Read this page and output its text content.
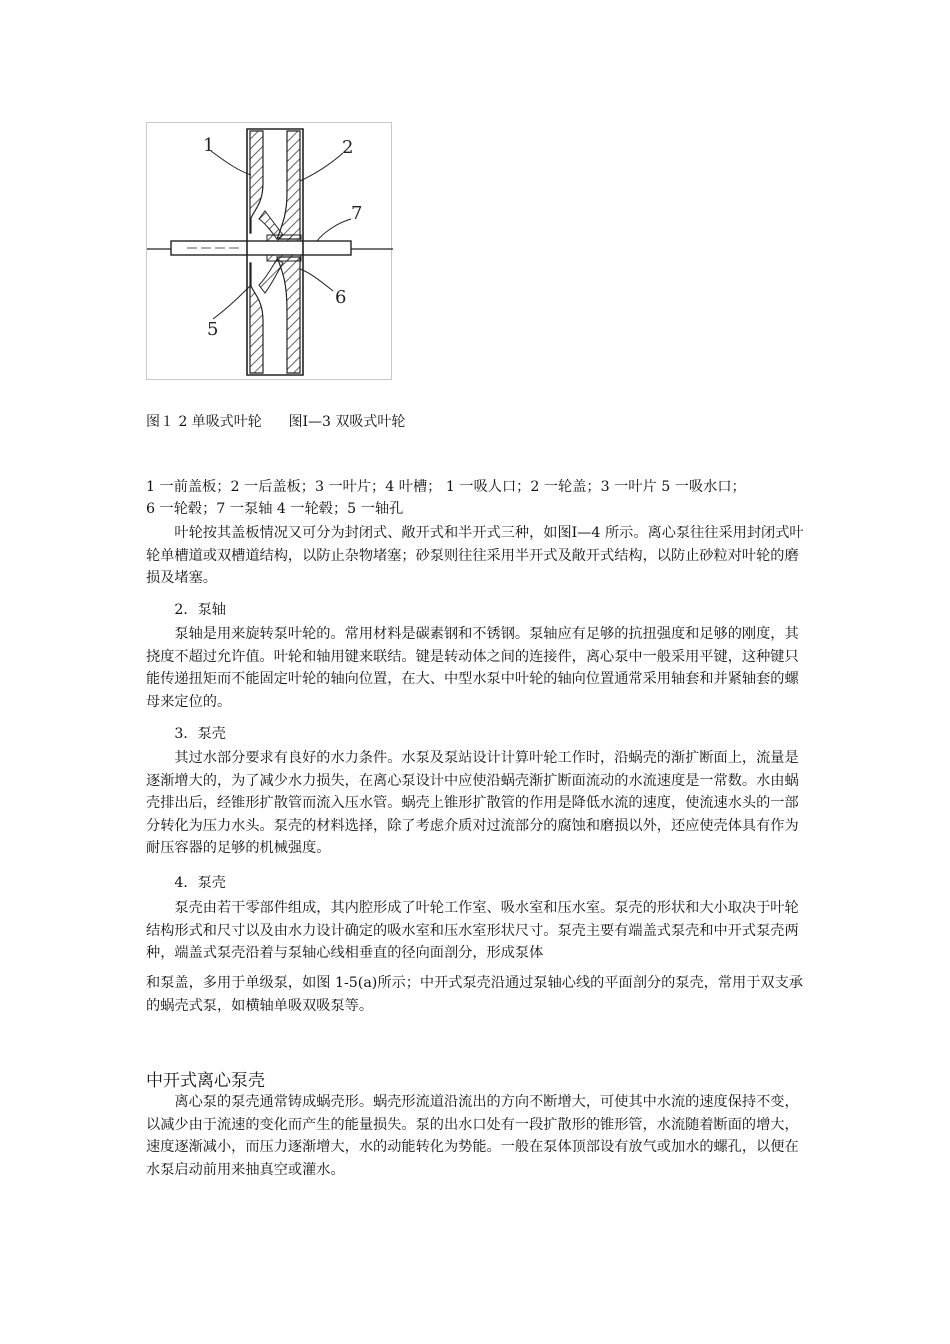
1	2
7
6
5
图１ 2 单吸式叶轮      图Ⅰ—3 双吸式叶轮
1 一前盖板；2 一后盖板；3 一叶片；4 叶槽； 1 一吸人口；2 一轮盖；3 一叶片 5 一吸水口；
6 一轮毂；7 一泵轴 4 一轮毂；5 一轴孔
叶轮按其盖板情况又可分为封闭式、敞开式和半开式三种，如图Ⅰ—4 所示。离心泵往往采用封闭式叶轮单槽道或双槽道结构，以防止杂物堵塞；砂泵则往往采用半开式及敞开式结构，以防止砂粒对叶轮的磨损及堵塞。
2．泵轴
泵轴是用来旋转泵叶轮的。常用材料是碳素钢和不锈钢。泵轴应有足够的抗扭强度和足够的刚度，其挠度不超过允许值。叶轮和轴用键来联结。键是转动体之间的连接件，离心泵中一般采用平键，这种键只能传递扭矩而不能固定叶轮的轴向位置，在大、中型水泵中叶轮的轴向位置通常采用轴套和并紧轴套的螺母来定位的。
3．泵壳
其过水部分要求有良好的水力条件。水泵及泵站设计计算叶轮工作时，沿蜗壳的渐扩断面上，流量是逐渐增大的，为了减少水力损失，在离心泵设计中应使沿蜗壳渐扩断面流动的水流速度是一常数。水由蜗壳排出后，经锥形扩散管而流入压水管。蜗壳上锥形扩散管的作用是降低水流的速度，使流速水头的一部分转化为压力水头。泵壳的材料选择，除了考虑介质对过流部分的腐蚀和磨损以外，还应使壳体具有作为耐压容器的足够的机械强度。
4．泵壳
泵壳由若干零部件组成，其内腔形成了叶轮工作室、吸水室和压水室。泵壳的形状和大小取决于叶轮结构形式和尺寸以及由水力设计确定的吸水室和压水室形状尺寸。泵壳主要有端盖式泵壳和中开式泵壳两种，端盖式泵壳沿着与泵轴心线相垂直的径向面剖分，形成泵体
和泵盖，多用于单级泵，如图 1-5(a)所示；中开式泵壳沿通过泵轴心线的平面剖分的泵壳，常用于双支承的蜗壳式泵，如横轴单吸双吸泵等。
中开式离心泵壳
离心泵的泵壳通常铸成蜗壳形。蜗壳形流道沿流出的方向不断增大，可使其中水流的速度保持不变，以减少由于流速的变化而产生的能量损失。泵的出水口处有一段扩散形的锥形管，水流随着断面的增大，速度逐渐减小，而压力逐渐增大，水的动能转化为势能。一般在泵体顶部设有放气或加水的螺孔，以便在水泵启动前用来抽真空或灌水。
